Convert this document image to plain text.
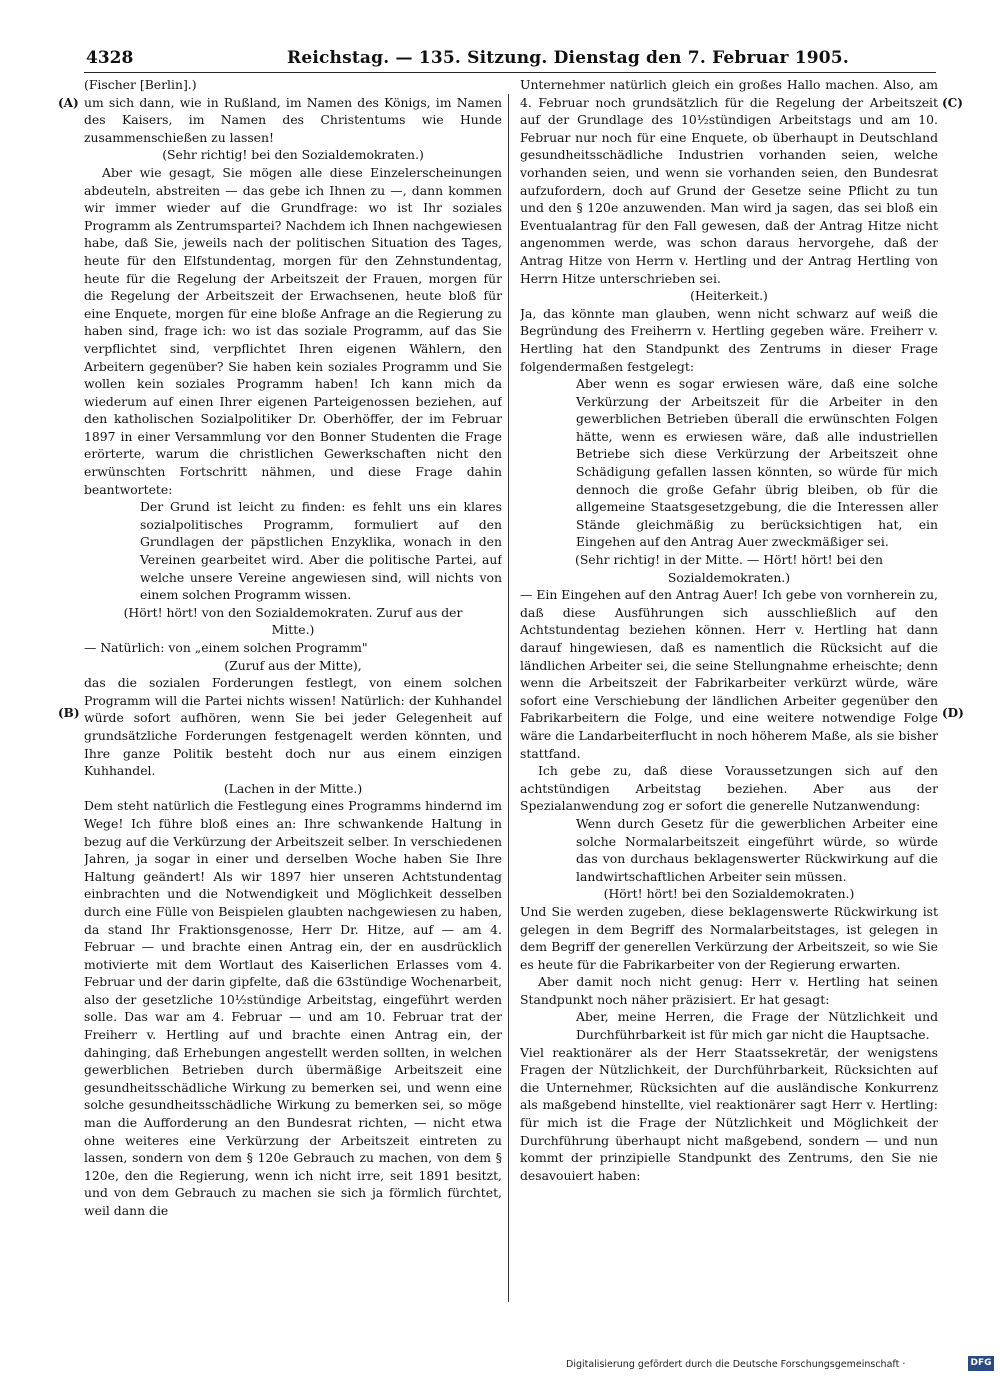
4328	Reichstag. — 135. Sitzung. Dienstag den 7. Februar 1905.
(A)
(B)
(C)
(D)
(Fischer [Berlin].)
um sich dann, wie in Rußland, im Namen des Königs, im Namen des Kaisers, im Namen des Christentums wie Hunde zusammenschießen zu lassen!
(Sehr richtig! bei den Sozialdemokraten.)
Aber wie gesagt, Sie mögen alle diese Einzelerscheinungen abdeuteln, abstreiten — das gebe ich Ihnen zu —, dann kommen wir immer wieder auf die Grundfrage: wo ist Ihr soziales Programm als Zentrumspartei? Nachdem ich Ihnen nachgewiesen habe, daß Sie, jeweils nach der politischen Situation des Tages, heute für den Elfstundentag, morgen für den Zehnstundentag, heute für die Regelung der Arbeitszeit der Frauen, morgen für die Regelung der Arbeitszeit der Erwachsenen, heute bloß für eine Enquete, morgen für eine bloße Anfrage an die Regierung zu haben sind, frage ich: wo ist das soziale Programm, auf das Sie verpflichtet sind, verpflichtet Ihren eigenen Wählern, den Arbeitern gegenüber? Sie haben kein soziales Programm und Sie wollen kein soziales Programm haben! Ich kann mich da wiederum auf einen Ihrer eigenen Parteigenossen beziehen, auf den katholischen Sozialpolitiker Dr. Oberhöffer, der im Februar 1897 in einer Versammlung vor den Bonner Studenten die Frage erörterte, warum die christlichen Gewerkschaften nicht den erwünschten Fortschritt nähmen, und diese Frage dahin beantwortete:
Der Grund ist leicht zu finden: es fehlt uns ein klares sozialpolitisches Programm, formuliert auf den Grundlagen der päpstlichen Enzyklika, wonach in den Vereinen gearbeitet wird. Aber die politische Partei, auf welche unsere Vereine angewiesen sind, will nichts von einem solchen Programm wissen.
(Hört! hört! von den Sozialdemokraten. Zuruf aus der Mitte.)
— Natürlich: von „einem solchen Programm"
(Zuruf aus der Mitte),
das die sozialen Forderungen festlegt, von einem solchen Programm will die Partei nichts wissen! Natürlich: der Kuhhandel würde sofort aufhören, wenn Sie bei jeder Gelegenheit auf grundsätzliche Forderungen festgenagelt werden könnten, und Ihre ganze Politik besteht doch nur aus einem einzigen Kuhhandel.
(Lachen in der Mitte.)
Dem steht natürlich die Festlegung eines Programms hindernd im Wege! Ich führe bloß eines an: Ihre schwankende Haltung in bezug auf die Verkürzung der Arbeitszeit selber. In verschiedenen Jahren, ja sogar in einer und derselben Woche haben Sie Ihre Haltung geändert! Als wir 1897 hier unseren Achtstundentag einbrachten und die Notwendigkeit und Möglichkeit desselben durch eine Fülle von Beispielen glaubten nachgewiesen zu haben, da stand Ihr Fraktionsgenosse, Herr Dr. Hitze, auf — am 4. Februar — und brachte einen Antrag ein, der en ausdrücklich motivierte mit dem Wortlaut des Kaiserlichen Erlasses vom 4. Februar und der darin gipfelte, daß die 63stündige Wochenarbeit, also der gesetzliche 10½stündige Arbeitstag, eingeführt werden solle. Das war am 4. Februar — und am 10. Februar trat der Freiherr v. Hertling auf und brachte einen Antrag ein, der dahinging, daß Erhebungen angestellt werden sollten, in welchen gewerblichen Betrieben durch übermäßige Arbeitszeit eine gesundheitsschädliche Wirkung zu bemerken sei, und wenn eine solche gesundheitsschädliche Wirkung zu bemerken sei, so möge man die Aufforderung an den Bundesrat richten, — nicht etwa ohne weiteres eine Verkürzung der Arbeitszeit eintreten zu lassen, sondern von dem § 120e Gebrauch zu machen, von dem § 120e, den die Regierung, wenn ich nicht irre, seit 1891 besitzt, und von dem Gebrauch zu machen sie sich ja förmlich fürchtet, weil dann die
Unternehmer natürlich gleich ein großes Hallo machen. Also, am 4. Februar noch grundsätzlich für die Regelung der Arbeitszeit auf der Grundlage des 10½stündigen Arbeitstags und am 10. Februar nur noch für eine Enquete, ob überhaupt in Deutschland gesundheitsschädliche Industrien vorhanden seien, welche vorhanden seien, und wenn sie vorhanden seien, den Bundesrat aufzufordern, doch auf Grund der Gesetze seine Pflicht zu tun und den § 120e anzuwenden. Man wird ja sagen, das sei bloß ein Eventualantrag für den Fall gewesen, daß der Antrag Hitze nicht angenommen werde, was schon daraus hervorgehe, daß der Antrag Hitze von Herrn v. Hertling und der Antrag Hertling von Herrn Hitze unterschrieben sei.
(Heiterkeit.)
Ja, das könnte man glauben, wenn nicht schwarz auf weiß die Begründung des Freiherrn v. Hertling gegeben wäre. Freiherr v. Hertling hat den Standpunkt des Zentrums in dieser Frage folgendermaßen festgelegt:
Aber wenn es sogar erwiesen wäre, daß eine solche Verkürzung der Arbeitszeit für die Arbeiter in den gewerblichen Betrieben überall die erwünschten Folgen hätte, wenn es erwiesen wäre, daß alle industriellen Betriebe sich diese Verkürzung der Arbeitszeit ohne Schädigung gefallen lassen könnten, so würde für mich dennoch die große Gefahr übrig bleiben, ob für die allgemeine Staatsgesetzgebung, die die Interessen aller Stände gleichmäßig zu berücksichtigen hat, ein Eingehen auf den Antrag Auer zweckmäßiger sei.
(Sehr richtig! in der Mitte. — Hört! hört! bei den Sozialdemokraten.)
— Ein Eingehen auf den Antrag Auer! Ich gebe von vornherein zu, daß diese Ausführungen sich ausschließlich auf den Achtstundentag beziehen können. Herr v. Hertling hat dann darauf hingewiesen, daß es namentlich die Rücksicht auf die ländlichen Arbeiter sei, die seine Stellungnahme erheischte; denn wenn die Arbeitszeit der Fabrikarbeiter verkürzt würde, wäre sofort eine Verschiebung der ländlichen Arbeiter gegenüber den Fabrikarbeitern die Folge, und eine weitere notwendige Folge wäre die Landarbeiterflucht in noch höherem Maße, als sie bisher stattfand.
Ich gebe zu, daß diese Voraussetzungen sich auf den achtstündigen Arbeitstag beziehen. Aber aus der Spezialanwendung zog er sofort die generelle Nutzanwendung:
Wenn durch Gesetz für die gewerblichen Arbeiter eine solche Normalarbeitszeit eingeführt würde, so würde das von durchaus beklagenswerter Rückwirkung auf die landwirtschaftlichen Arbeiter sein müssen.
(Hört! hört! bei den Sozialdemokraten.)
Und Sie werden zugeben, diese beklagenswerte Rückwirkung ist gelegen in dem Begriff des Normalarbeitstages, ist gelegen in dem Begriff der generellen Verkürzung der Arbeitszeit, so wie Sie es heute für die Fabrikarbeiter von der Regierung erwarten.
Aber damit noch nicht genug: Herr v. Hertling hat seinen Standpunkt noch näher präzisiert. Er hat gesagt:
Aber, meine Herren, die Frage der Nützlichkeit und Durchführbarkeit ist für mich gar nicht die Hauptsache.
Viel reaktionärer als der Herr Staatssekretär, der wenigstens Fragen der Nützlichkeit, der Durchführbarkeit, Rücksichten auf die Unternehmer, Rücksichten auf die ausländische Konkurrenz als maßgebend hinstellte, viel reaktionärer sagt Herr v. Hertling: für mich ist die Frage der Nützlichkeit und Möglichkeit der Durchführung überhaupt nicht maßgebend, sondern — und nun kommt der prinzipielle Standpunkt des Zentrums, den Sie nie desavouiert haben:
Digitalisierung gefördert durch die Deutsche Forschungsgemeinschaft ·	DFG
